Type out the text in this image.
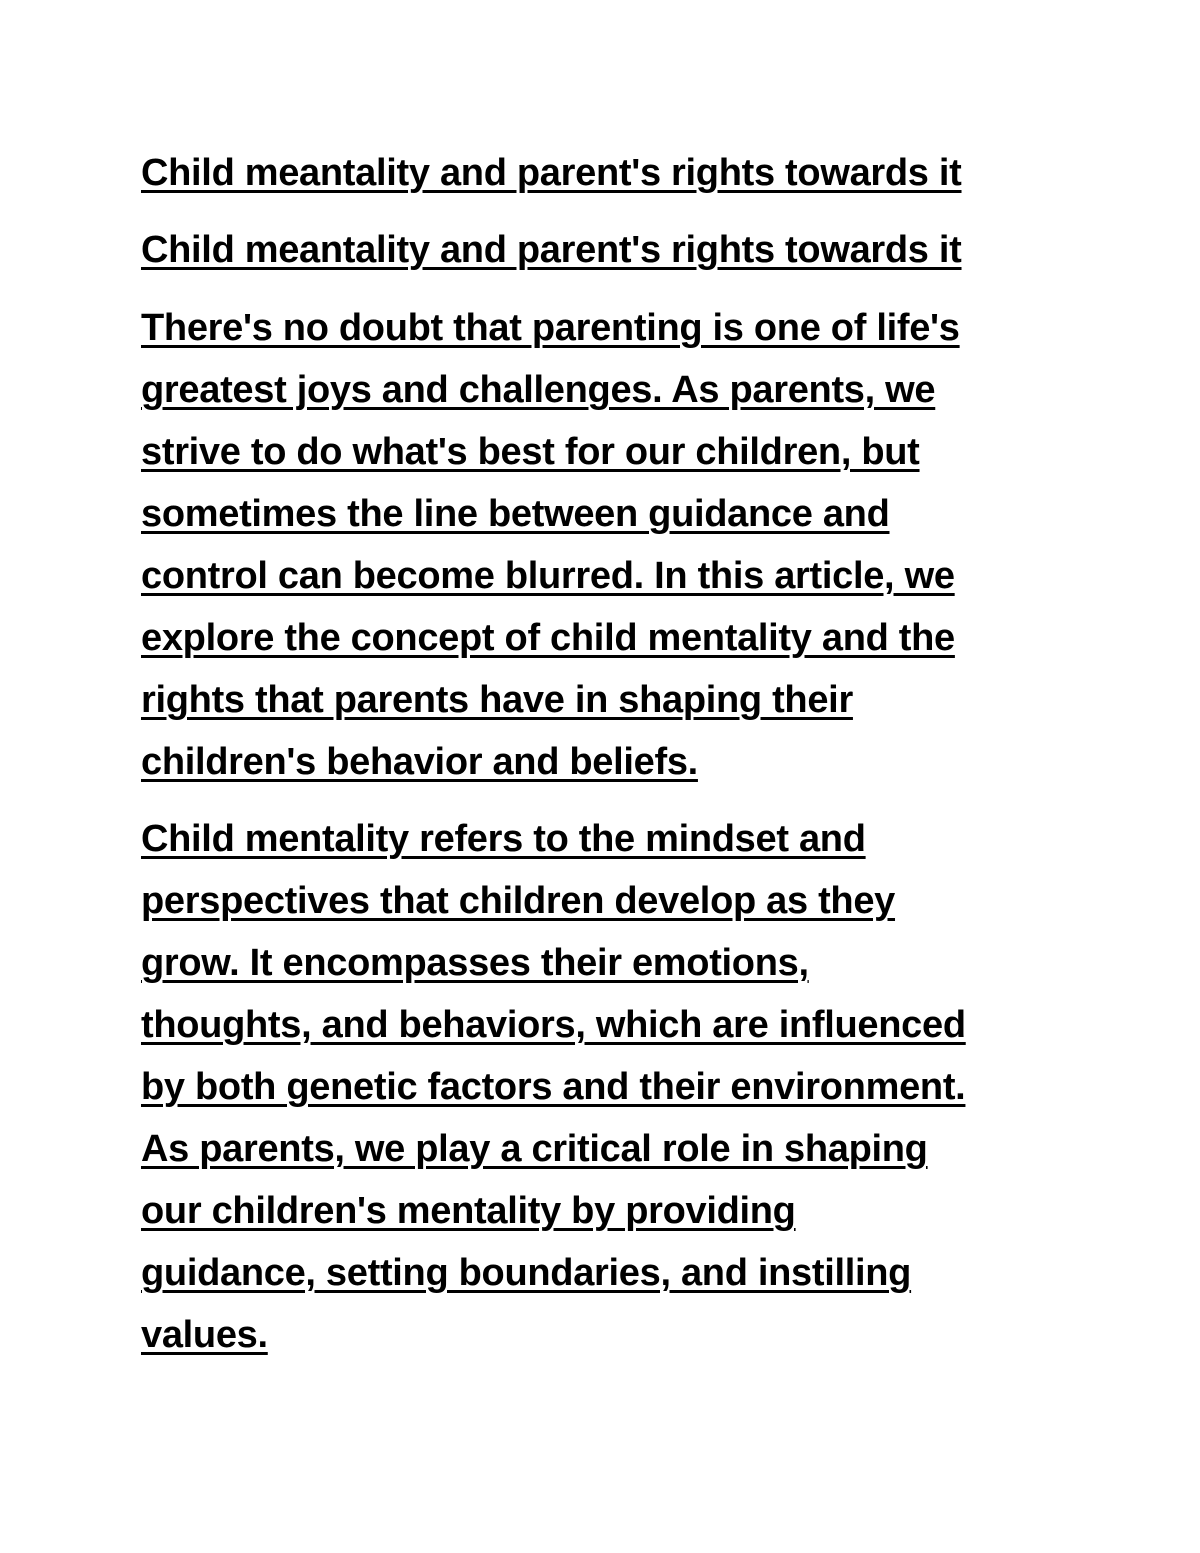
Child meantality and parent's rights towards it

Child meantality and parent's rights towards it

There's no doubt that parenting is one of life's
greatest joys and challenges. As parents, we
strive to do what's best for our children, but
sometimes the line between guidance and
control can become blurred. In this article, we
explore the concept of child mentality and the
rights that parents have in shaping their
children's behavior and beliefs.

Child mentality refers to the mindset and
perspectives that children develop as they
grow. It encompasses their emotions,
thoughts, and behaviors, which are influenced
by both genetic factors and their environment.
As parents, we play a critical role in shaping
our children's mentality by providing
guidance, setting boundaries, and instilling
values.
